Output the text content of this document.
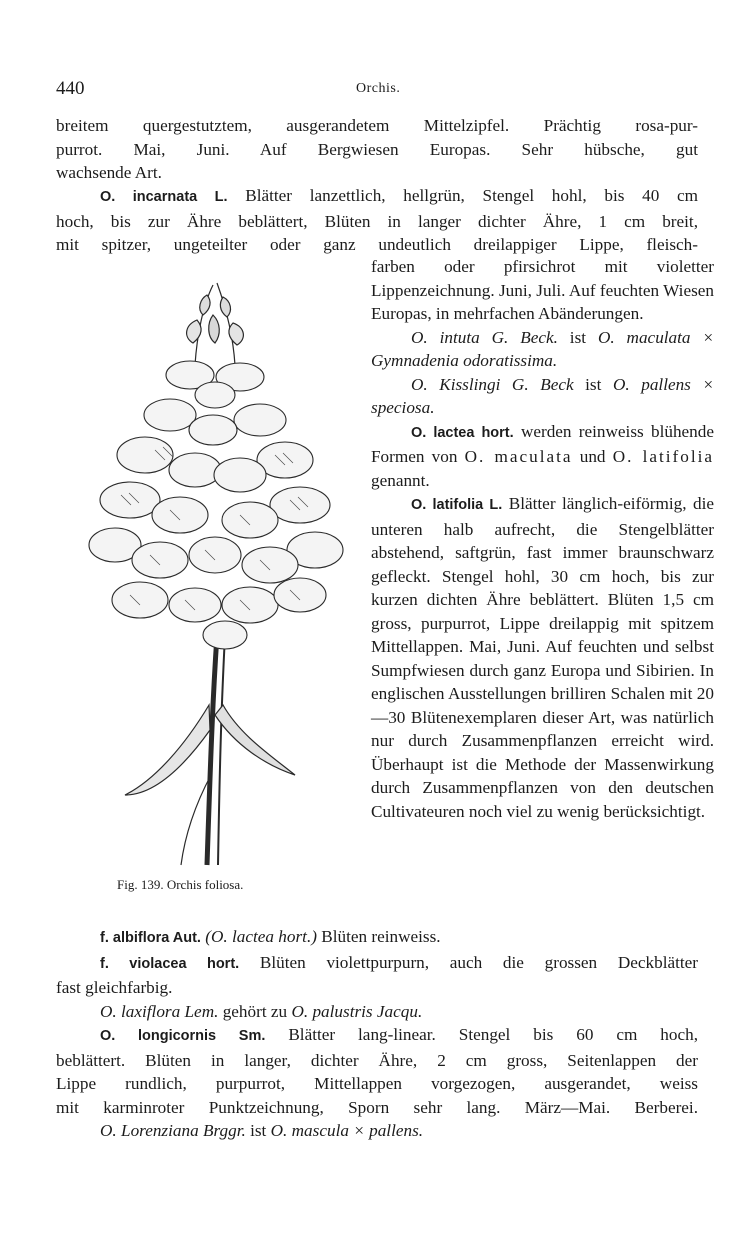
440	Orchis.

breitem quergestutztem, ausgerandetem Mittelzipfel. Prächtig rosa-pur-

purrot. Mai, Juni. Auf Bergwiesen Europas. Sehr hübsche, gut

wachsende Art.

O. incarnata L. Blätter lanzettlich, hellgrün, Stengel hohl, bis 40 cm

hoch, bis zur Ähre beblättert, Blüten in langer dichter Ähre, 1 cm breit,

mit spitzer, ungeteilter oder ganz undeutlich dreilappiger Lippe, fleisch-

farben oder pfirsichrot mit violetter Lippenzeichnung. Juni, Juli. Auf feuchten Wiesen Europas, in mehrfachen Abänderungen.

O. intuta G. Beck. ist O. maculata × Gymnadenia odoratissima.

O. Kisslingi G. Beck ist O. pallens × speciosa.

O. lactea hort. werden reinweiss blühende Formen von O. maculata und O. latifolia genannt.

O. latifolia L. Blätter länglich-eiförmig, die unteren halb aufrecht, die Stengelblätter abstehend, saftgrün, fast immer braunschwarz gefleckt. Stengel hohl, 30 cm hoch, bis zur kurzen dichten Ähre beblättert. Blüten 1,5 cm gross, purpurrot, Lippe dreilappig mit spitzem Mittellappen. Mai, Juni. Auf feuchten und selbst Sumpfwiesen durch ganz Europa und Sibirien. In englischen Ausstellungen brilliren Schalen mit 20—30 Blütenexemplaren dieser Art, was natürlich nur durch Zusammenpflanzen erreicht wird. Überhaupt ist die Methode der Massenwirkung durch Zusammenpflanzen von den deutschen Cultivateuren noch viel zu wenig berücksichtigt.

Fig. 139. Orchis foliosa.

f. albiflora Aut. (O. lactea hort.) Blüten reinweiss.

f. violacea hort. Blüten violettpurpurn, auch die grossen Deckblätter

fast gleichfarbig.

O. laxiflora Lem. gehört zu O. palustris Jacqu.

O. longicornis Sm. Blätter lang-linear. Stengel bis 60 cm hoch,

beblättert. Blüten in langer, dichter Ähre, 2 cm gross, Seitenlappen der

Lippe rundlich, purpurrot, Mittellappen vorgezogen, ausgerandet, weiss

mit karminroter Punktzeichnung, Sporn sehr lang. März—Mai. Berberei.

O. Lorenziana Brggr. ist O. mascula × pallens.
